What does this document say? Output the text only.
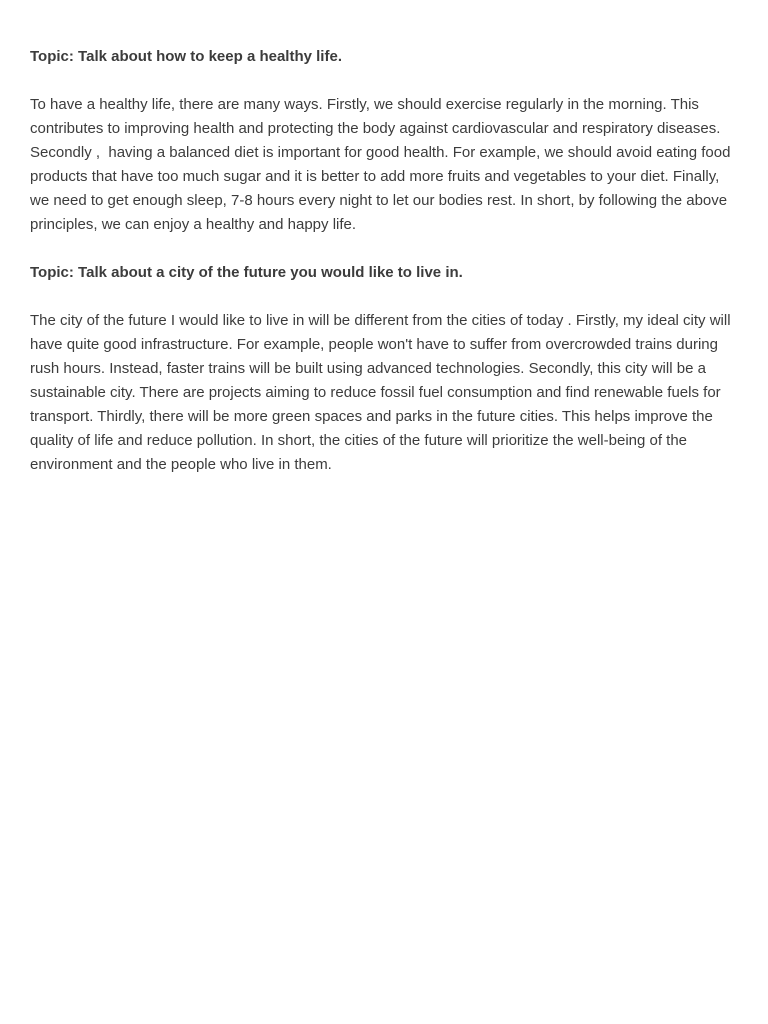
Topic: Talk about how to keep a healthy life.

To have a healthy life, there are many ways. Firstly, we should exercise regularly in the morning. This contributes to improving health and protecting the body against cardiovascular and respiratory diseases. Secondly ,  having a balanced diet is important for good health. For example, we should avoid eating food products that have too much sugar and it is better to add more fruits and vegetables to your diet. Finally, we need to get enough sleep, 7-8 hours every night to let our bodies rest. In short, by following the above principles, we can enjoy a healthy and happy life.

Topic: Talk about a city of the future you would like to live in.

The city of the future I would like to live in will be different from the cities of today . Firstly, my ideal city will have quite good infrastructure. For example, people won't have to suffer from overcrowded trains during rush hours. Instead, faster trains will be built using advanced technologies. Secondly, this city will be a sustainable city. There are projects aiming to reduce fossil fuel consumption and find renewable fuels for transport. Thirdly, there will be more green spaces and parks in the future cities. This helps improve the quality of life and reduce pollution. In short, the cities of the future will prioritize the well-being of the environment and the people who live in them.
